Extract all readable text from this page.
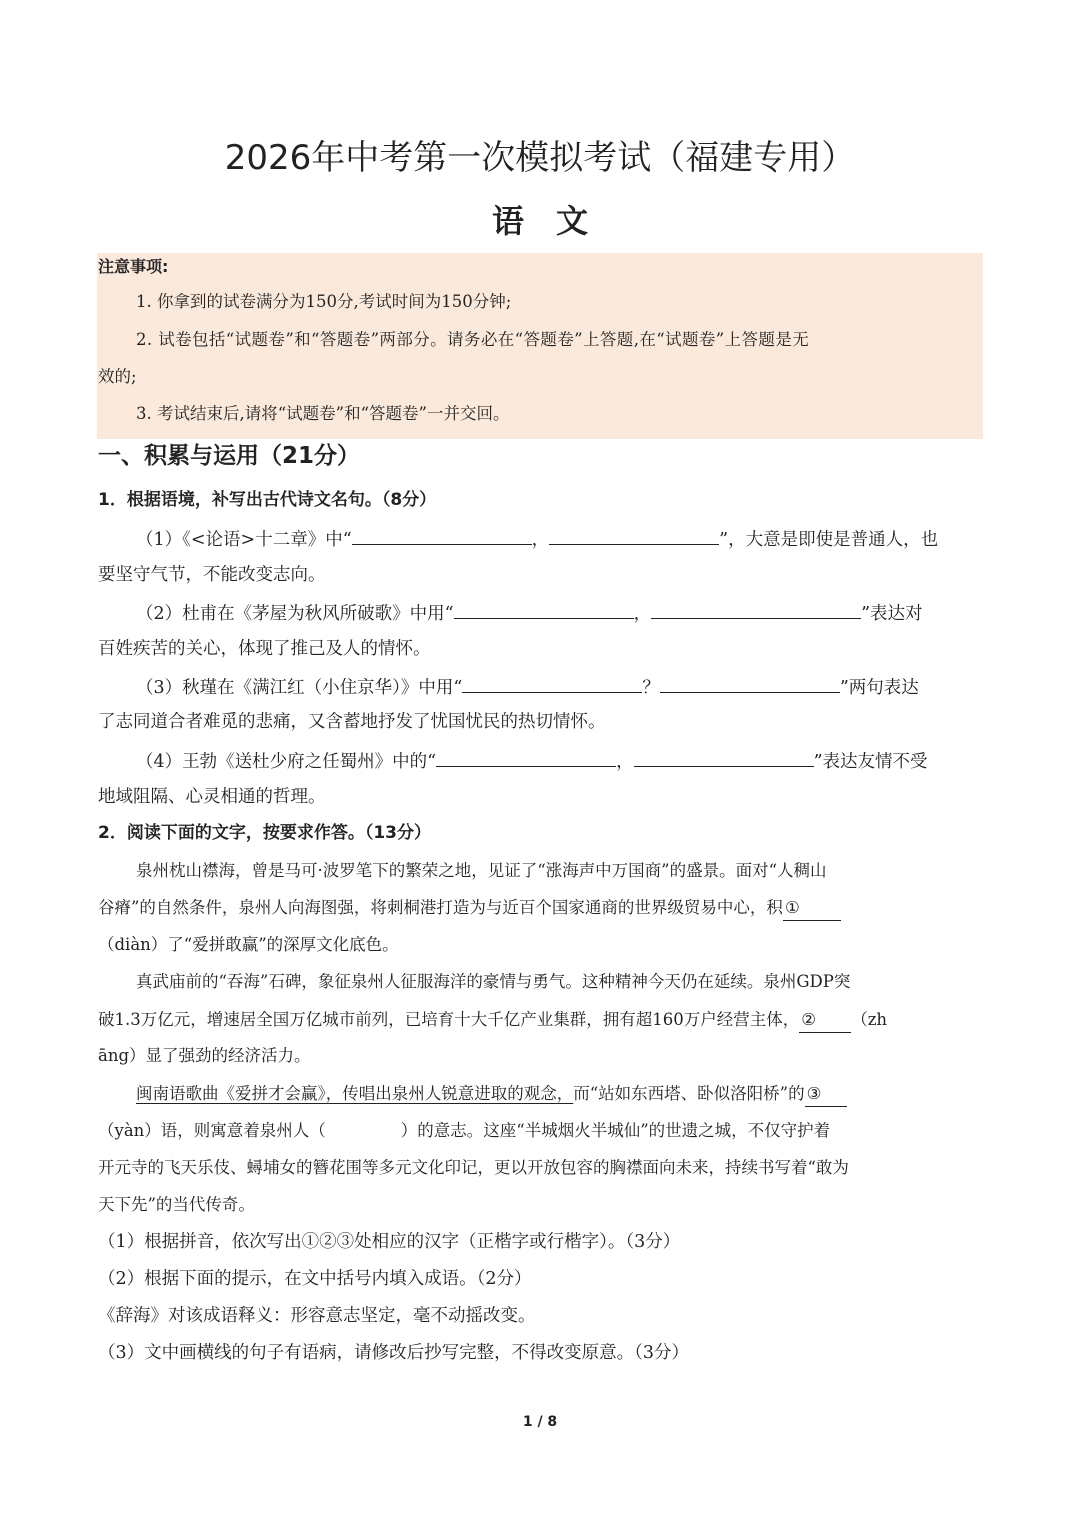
2026年中考第一次模拟考试（福建专用）
语　文
注意事项:
1. 你拿到的试卷满分为150分,考试时间为150分钟;
2. 试卷包括“试题卷”和“答题卷”两部分。请务必在“答题卷”上答题,在“试题卷”上答题是无
效的;
3. 考试结束后,请将“试题卷”和“答题卷”一并交回。
一、积累与运用（21分）
1．根据语境，补写出古代诗文名句。（8分）
（1）《<论语>十二章》中“	，	”，大意是即使是普通人，也
要坚守气节，不能改变志向。
（2）杜甫在《茅屋为秋风所破歌》中用“	，	”表达对
百姓疾苦的关心，体现了推己及人的情怀。
（3）秋瑾在《满江红（小住京华）》中用“	？	”两句表达
了志同道合者难觅的悲痛，又含蓄地抒发了忧国忧民的热切情怀。
（4）王勃《送杜少府之任蜀州》中的“	，	”表达友情不受
地域阻隔、心灵相通的哲理。
2．阅读下面的文字，按要求作答。（13分）
泉州枕山襟海，曾是马可·波罗笔下的繁荣之地，见证了“涨海声中万国商”的盛景。面对“人稠山
谷瘠”的自然条件，泉州人向海图强，将刺桐港打造为与近百个国家通商的世界级贸易中心，积 ①
（diàn）了“爱拼敢赢”的深厚文化底色。
真武庙前的“吞海”石碑，象征泉州人征服海洋的豪情与勇气。这种精神今天仍在延续。泉州GDP突
破1.3万亿元，增速居全国万亿城市前列，已培育十大千亿产业集群，拥有超160万户经营主体， ② （zh
āng）显了强劲的经济活力。
闽南语歌曲《爱拼才会赢》，传唱出泉州人锐意进取的观念，而“站如东西塔、卧似洛阳桥”的 ③
（yàn）语，则寓意着泉州人（	）的意志。这座“半城烟火半城仙”的世遗之城，不仅守护着
开元寺的飞天乐伎、蟳埔女的簪花围等多元文化印记，更以开放包容的胸襟面向未来，持续书写着“敢为
天下先”的当代传奇。
（1）根据拼音，依次写出①②③处相应的汉字（正楷字或行楷字）。（3分）
（2）根据下面的提示，在文中括号内填入成语。（2分）
《辞海》对该成语释义：形容意志坚定，毫不动摇改变。
（3）文中画横线的句子有语病，请修改后抄写完整，不得改变原意。（3分）
1 / 8
